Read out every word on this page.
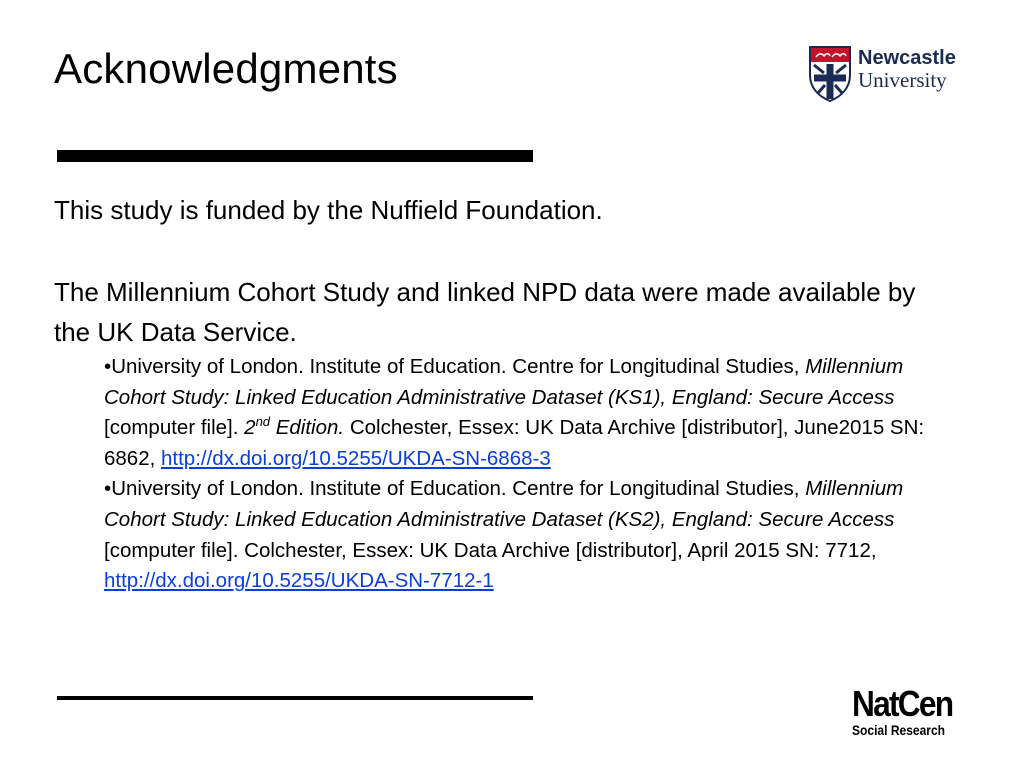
Acknowledgments	Newcastle
University

This study is funded by the Nuffield Foundation.

The Millennium Cohort Study and linked NPD data were made available by the UK Data Service.

•University of London. Institute of Education. Centre for Longitudinal Studies, Millennium Cohort Study: Linked Education Administrative Dataset (KS1), England: Secure Access [computer file]. 2nd Edition. Colchester, Essex: UK Data Archive [distributor], June2015 SN: 6862, http://dx.doi.org/10.5255/UKDA-SN-6868-3

•University of London. Institute of Education. Centre for Longitudinal Studies, Millennium Cohort Study: Linked Education Administrative Dataset (KS2), England: Secure Access [computer file]. Colchester, Essex: UK Data Archive [distributor], April 2015 SN: 7712, http://dx.doi.org/10.5255/UKDA-SN-7712-1

NatCen
Social Research
